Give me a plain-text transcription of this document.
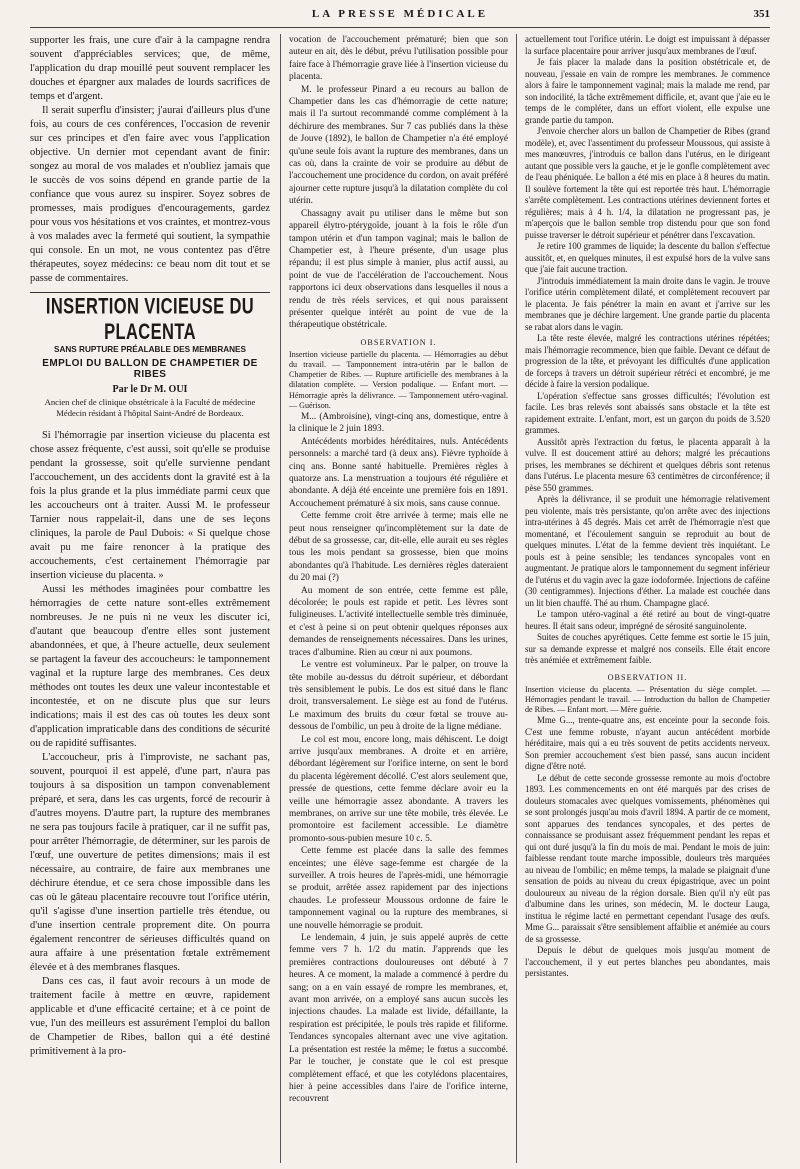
LA PRESSE MÉDICALE	351

supporter les frais, une cure d'air à la campagne rendra souvent d'appréciables services; que, de même, l'application du drap mouillé peut souvent remplacer les douches et épargner aux malades de lourds sacrifices de temps et d'argent.

Il serait superflu d'insister; j'aurai d'ailleurs plus d'une fois, au cours de ces conférences, l'occasion de revenir sur ces principes et d'en faire avec vous l'application objective. Un dernier mot cependant avant de finir: songez au moral de vos malades et n'oubliez jamais que le succès de vos soins dépend en grande partie de la confiance que vous aurez su inspirer. Soyez sobres de promesses, mais prodigues d'encouragements, gardez pour vous vos hésitations et vos craintes, et montrez-vous à vos malades avec la fermeté qui soutient, la sympathie qui console. En un mot, ne vous contentez pas d'être thérapeutes, soyez médecins: ce beau nom dit tout et se passe de commentaires.

INSERTION VICIEUSE DU PLACENTA
SANS RUPTURE PRÉALABLE DES MEMBRANES
EMPLOI DU BALLON DE CHAMPETIER DE RIBES
Par le Dr M. OUI
Ancien chef de clinique obstétricale à la Faculté de médecine Médecin résidant à l'hôpital Saint-André de Bordeaux.

Si l'hémorragie par insertion vicieuse du placenta est chose assez fréquente, c'est aussi, soit qu'elle se produise pendant la grossesse, soit qu'elle survienne pendant l'accouchement, un des accidents dont la gravité est à la fois la plus grande et la plus immédiate parmi ceux que les accoucheurs ont à traiter. Aussi M. le professeur Tarnier nous rappelait-il, dans une de ses leçons cliniques, la parole de Paul Dubois: « Si quelque chose avait pu me faire renoncer à la pratique des accouchements, c'est certainement l'hémorragie par insertion vicieuse du placenta. »

Aussi les méthodes imaginées pour combattre les hémorragies de cette nature sont-elles extrêmement nombreuses. Je ne puis ni ne veux les discuter ici, d'autant que beaucoup d'entre elles sont justement abandonnées, et que, à l'heure actuelle, deux seulement se partagent la faveur des accoucheurs: le tamponnement vaginal et la rupture large des membranes. Ces deux méthodes ont toutes les deux une valeur incontestable et incontestée, et on ne discute plus que sur leurs indications; mais il est des cas où toutes les deux sont d'application impraticable dans des conditions de sécurité ou de rapidité suffisantes.

L'accoucheur, pris à l'improviste, ne sachant pas, souvent, pourquoi il est appelé, d'une part, n'aura pas toujours à sa disposition un tampon convenablement préparé, et sera, dans les cas urgents, forcé de recourir à d'autres moyens. D'autre part, la rupture des membranes ne sera pas toujours facile à pratiquer, car il ne suffit pas, pour arrêter l'hémorragie, de déterminer, sur les parois de l'œuf, une ouverture de petites dimensions; mais il est nécessaire, au contraire, de faire aux membranes une déchirure étendue, et ce sera chose impossible dans les cas où le gâteau placentaire recouvre tout l'orifice utérin, qu'il s'agisse d'une insertion partielle très étendue, ou d'une insertion centrale proprement dite. On pourra également rencontrer de sérieuses difficultés quand on aura affaire à une présentation fœtale extrêmement élevée et à des membranes flasques.

Dans ces cas, il faut avoir recours à un mode de traitement facile à mettre en œuvre, rapidement applicable et d'une efficacité certaine; et à ce point de vue, l'un des meilleurs est assurément l'emploi du ballon de Champetier de Ribes, ballon qui a été destiné primitivement à la pro-

vocation de l'accouchement prématuré; bien que son auteur en ait, dès le début, prévu l'utilisation possible pour faire face à l'hémorragie grave liée à l'insertion vicieuse du placenta.

M. le professeur Pinard a eu recours au ballon de Champetier dans les cas d'hémorragie de cette nature; mais il l'a surtout recommandé comme complément à la déchirure des membranes. Sur 7 cas publiés dans la thèse de Jouve (1892), le ballon de Champetier n'a été employé qu'une seule fois avant la rupture des membranes, dans un cas où, dans la crainte de voir se produire au début de l'accouchement une procidence du cordon, on avait préféré ajourner cette rupture jusqu'à la dilatation complète du col utérin.

Chassagny avait pu utiliser dans le même but son appareil élytro-ptérygoïde, jouant à la fois le rôle d'un tampon utérin et d'un tampon vaginal; mais le ballon de Champetier est, à l'heure présente, d'un usage plus répandu; il est plus simple à manier, plus actif aussi, au point de vue de l'accélération de l'accouchement. Nous rapportons ici deux observations dans lesquelles il nous a rendu de très réels services, et qui nous paraissent présenter quelque intérêt au point de vue de la thérapeutique obstétricale.

OBSERVATION I.

Insertion vicieuse partielle du placenta. — Hémorragies au début du travail. — Tamponnement intra-utérin par le ballon de Champetier de Ribes. — Rupture artificielle des membranes à la dilatation complète. — Version podalique. — Enfant mort. — Hémorragie après la délivrance. — Tamponnement utéro-vaginal. — Guérison.

M... (Ambroisine), vingt-cinq ans, domestique, entre à la clinique le 2 juin 1893.

Antécédents morbides héréditaires, nuls. Antécédents personnels: a marché tard (à deux ans). Fièvre typhoïde à cinq ans. Bonne santé habituelle. Premières règles à quatorze ans. La menstruation a toujours été régulière et abondante. A déjà été enceinte une première fois en 1891. Accouchement prématuré à six mois, sans cause connue.

Cette femme croit être arrivée à terme; mais elle ne peut nous renseigner qu'incomplètement sur la date de début de sa grossesse, car, dit-elle, elle aurait eu ses règles tous les mois pendant sa grossesse, bien que moins abondantes qu'à l'habitude. Les dernières règles dateraient du 20 mai (?)

Au moment de son entrée, cette femme est pâle, décolorée; le pouls est rapide et petit. Les lèvres sont fuligineuses. L'activité intellectuelle semble très diminuée, et c'est à peine si on peut obtenir quelques réponses aux demandes de renseignements nécessaires. Dans les urines, traces d'albumine. Rien au cœur ni aux poumons.

Le ventre est volumineux. Par le palper, on trouve la tête mobile au-dessus du détroit supérieur, et débordant très sensiblement le pubis. Le dos est situé dans le flanc droit, transversalement. Le siège est au fond de l'utérus. Le maximum des bruits du cœur fœtal se trouve au-dessous de l'ombilic, un peu à droite de la ligne médiane.

Le col est mou, encore long, mais déhiscent. Le doigt arrive jusqu'aux membranes. A droite et en arrière, débordant légèrement sur l'orifice interne, on sent le bord du placenta légèrement décollé. C'est alors seulement que, pressée de questions, cette femme déclare avoir eu la veille une hémorragie assez abondante. A travers les membranes, on arrive sur une tête mobile, très élevée. Le promontoire est facilement accessible. Le diamètre promonto-sous-pubien mesure 10 c. 5.

Cette femme est placée dans la salle des femmes enceintes; une élève sage-femme est chargée de la surveiller. A trois heures de l'après-midi, une hémorragie se produit, arrêtée assez rapidement par des injections chaudes. Le professeur Moussous ordonne de faire le tamponnement vaginal ou la rupture des membranes, si une nouvelle hémorragie se produit.

Le lendemain, 4 juin, je suis appelé auprès de cette femme vers 7 h. 1/2 du matin. J'apprends que les premières contractions douloureuses ont débuté à 7 heures. A ce moment, la malade a commencé à perdre du sang; on a en vain essayé de rompre les membranes, et, avant mon arrivée, on a employé sans aucun succès les injections chaudes. La malade est livide, défaillante, la respiration est précipitée, le pouls très rapide et filiforme. Tendances syncopales alternant avec une vive agitation. La présentation est restée la même; le fœtus a succombé. Par le toucher, je constate que le col est presque complètement effacé, et que les cotylédons placentaires, hier à peine accessibles dans l'aire de l'orifice interne, recouvrent

actuellement tout l'orifice utérin. Le doigt est impuissant à dépasser la surface placentaire pour arriver jusqu'aux membranes de l'œuf.

Je fais placer la malade dans la position obstétricale et, de nouveau, j'essaie en vain de rompre les membranes. Je commence alors à faire le tamponnement vaginal; mais la malade me rend, par son indocilité, la tâche extrêmement difficile, et, avant que j'aie eu le temps de le compléter, dans un effort violent, elle expulse une grande partie du tampon.

J'envoie chercher alors un ballon de Champetier de Ribes (grand modèle), et, avec l'assentiment du professeur Moussous, qui assiste à mes manœuvres, j'introduis ce ballon dans l'utérus, en le dirigeant autant que possible vers la gauche, et je le gonfle complètement avec de l'eau phéniquée. Le ballon a été mis en place à 8 heures du matin. Il soulève fortement la tête qui est reportée très haut. L'hémorragie s'arrête complètement. Les contractions utérines deviennent fortes et régulières; mais à 4 h. 1/4, la dilatation ne progressant pas, je m'aperçois que le ballon semble trop distendu pour que son fond puisse traverser le détroit supérieur et pénétrer dans l'excavation.

Je retire 100 grammes de liquide; la descente du ballon s'effectue aussitôt, et, en quelques minutes, il est expulsé hors de la vulve sans que j'aie fait aucune traction.

J'introduis immédiatement la main droite dans le vagin. Je trouve l'orifice utérin complètement dilaté, et complètement recouvert par le placenta. Je fais pénétrer la main en avant et j'arrive sur les membranes que je déchire largement. Une grande partie du placenta se rabat alors dans le vagin.

La tête reste élevée, malgré les contractions utérines répétées; mais l'hémorragie recommence, bien que faible. Devant ce défaut de progression de la tête, et prévoyant les difficultés d'une application de forceps à travers un détroit supérieur rétréci et encombré, je me décide à faire la version podalique.

L'opération s'effectue sans grosses difficultés; l'évolution est facile. Les bras relevés sont abaissés sans obstacle et la tête est rapidement extraite. L'enfant, mort, est un garçon du poids de 3.520 grammes.

Aussitôt après l'extraction du fœtus, le placenta apparaît à la vulve. Il est doucement attiré au dehors; malgré les précautions prises, les membranes se déchirent et quelques débris sont retenus dans l'utérus. Le placenta mesure 63 centimètres de circonférence; il pèse 550 grammes.

Après la délivrance, il se produit une hémorragie relativement peu violente, mais très persistante, qu'on arrête avec des injections intra-utérines à 45 degrés. Mais cet arrêt de l'hémorragie n'est que momentané, et l'écoulement sanguin se reproduit au bout de quelques minutes. L'état de la femme devient très inquiétant. Le pouls est à peine sensible; les tendances syncopales vont en augmentant. Je pratique alors le tamponnement du segment inférieur de l'utérus et du vagin avec la gaze iodoformée. Injections de caféine (30 centigrammes). Injections d'éther. La malade est couchée dans un lit bien chauffé. Thé au rhum. Champagne glacé.

Le tampon utéro-vaginal a été retiré au bout de vingt-quatre heures. Il était sans odeur, imprégné de sérosité sanguinolente.

Suites de couches apyrétiques. Cette femme est sortie le 15 juin, sur sa demande expresse et malgré nos conseils. Elle était encore très anémiée et extrêmement faible.

OBSERVATION II.

Insertion vicieuse du placenta. — Présentation du siège complet. — Hémorragies pendant le travail. — Introduction du ballon de Champetier de Ribes. — Enfant mort. — Mère guérie.

Mme G..., trente-quatre ans, est enceinte pour la seconde fois. C'est une femme robuste, n'ayant aucun antécédent morbide héréditaire, mais qui a eu très souvent de petits accidents nerveux. Son premier accouchement s'est bien passé, sans aucun incident digne d'être noté.

Le début de cette seconde grossesse remonte au mois d'octobre 1893. Les commencements en ont été marqués par des crises de douleurs stomacales avec quelques vomissements, phénomènes qui se sont prolongés jusqu'au mois d'avril 1894. A partir de ce moment, sont apparues des tendances syncopales, et des pertes de connaissance se produisant assez fréquemment pendant les repas et qui ont duré jusqu'à la fin du mois de mai. Pendant le mois de juin: faiblesse rendant toute marche impossible, douleurs très marquées au niveau de l'ombilic; en même temps, la malade se plaignait d'une sensation de poids au niveau du creux épigastrique, avec un point douloureux au niveau de la région dorsale. Bien qu'il n'y eût pas d'albumine dans les urines, son médecin, M. le docteur Lauga, institua le régime lacté en permettant cependant l'usage des œufs. Mme G... paraissait s'être sensiblement affaiblie et anémiée au cours de sa grossesse.

Depuis le début de quelques mois jusqu'au moment de l'accouchement, il y eut pertes blanches peu abondantes, mais persistantes.
